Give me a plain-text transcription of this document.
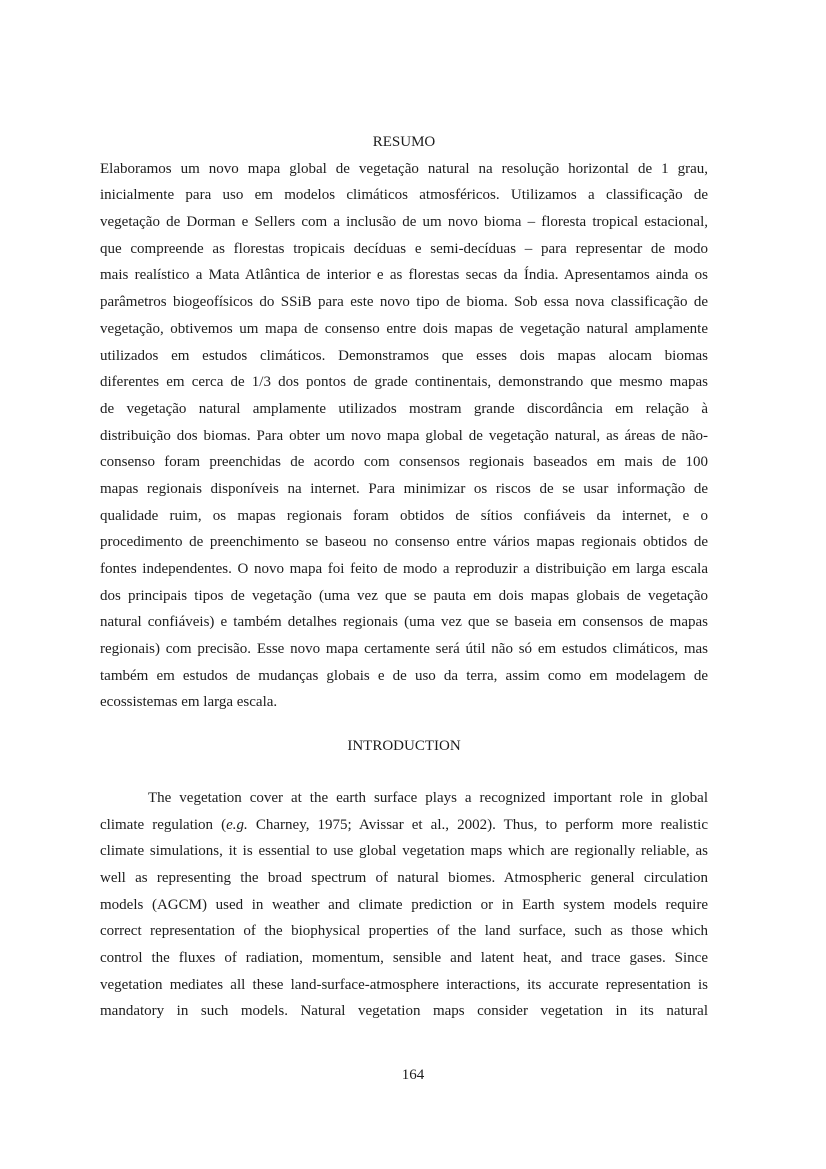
RESUMO
Elaboramos um novo mapa global de vegetação natural na resolução horizontal de 1 grau,
inicialmente para uso em modelos climáticos atmosféricos. Utilizamos a classificação de
vegetação de Dorman e Sellers com a inclusão de um novo bioma – floresta tropical estacional,
que compreende as florestas tropicais decíduas e semi-decíduas – para representar de modo
mais realístico a Mata Atlântica de interior e as florestas secas da Índia. Apresentamos ainda os
parâmetros biogeofísicos do SSiB para este novo tipo de bioma. Sob essa nova classificação de
vegetação, obtivemos um mapa de consenso entre dois mapas de vegetação natural amplamente
utilizados em estudos climáticos. Demonstramos que esses dois mapas alocam biomas
diferentes em cerca de 1/3 dos pontos de grade continentais, demonstrando que mesmo mapas
de vegetação natural amplamente utilizados mostram grande discordância em relação à
distribuição dos biomas. Para obter um novo mapa global de vegetação natural, as áreas de não-
consenso foram preenchidas de acordo com consensos regionais baseados em mais de 100
mapas regionais disponíveis na internet. Para minimizar os riscos de se usar informação de
qualidade ruim, os mapas regionais foram obtidos de sítios confiáveis da internet, e o
procedimento de preenchimento se baseou no consenso entre vários mapas regionais obtidos de
fontes independentes. O novo mapa foi feito de modo a reproduzir a distribuição em larga escala
dos principais tipos de vegetação (uma vez que se pauta em dois mapas globais de vegetação
natural confiáveis) e também detalhes regionais (uma vez que se baseia em consensos de mapas
regionais) com precisão. Esse novo mapa certamente será útil não só em estudos climáticos, mas
também em estudos de mudanças globais e de uso da terra, assim como em modelagem de
ecossistemas em larga escala.
INTRODUCTION
The vegetation cover at the earth surface plays a recognized important role in global
climate regulation (e.g. Charney, 1975; Avissar et al., 2002). Thus, to perform more realistic
climate simulations, it is essential to use global vegetation maps which are regionally reliable, as
well as representing the broad spectrum of natural biomes. Atmospheric general circulation
models (AGCM) used in weather and climate prediction or in Earth system models require
correct representation of the biophysical properties of the land surface, such as those which
control the fluxes of radiation, momentum, sensible and latent heat, and trace gases. Since
vegetation mediates all these land-surface-atmosphere interactions, its accurate representation is
mandatory in such models. Natural vegetation maps consider vegetation in its natural
164
